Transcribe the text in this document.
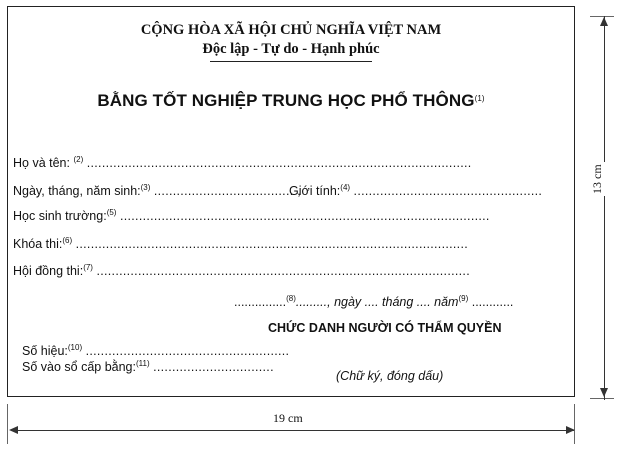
CỘNG HÒA XÃ HỘI CHỦ NGHĨA VIỆT NAM
Độc lập - Tự do - Hạnh phúc
BẰNG TỐT NGHIỆP TRUNG HỌC PHỔ THÔNG$^{(1)}$
Họ và tên: $^{(2)}$ ......................................................................................................
Ngày, tháng, năm sinh:$^{(3)}$ ..................................... ,
Giới tính:$^{(4)}$ ..................................................
Học sinh trường:$^{(5)}$ ..................................................................................................
Khóa thi:$^{(6)}$ ........................................................................................................
Hội đồng thi:$^{(7)}$ ...................................................................................................
...............$^{(8)}$........., ngày .... tháng .... năm$^{(9)}$ ............
CHỨC DANH NGƯỜI CÓ THẨM QUYỀN
Số hiệu:$^{(10)}$ ......................................................
Số vào sổ cấp bằng:$^{(11)}$ ................................
(Chữ ký, đóng dấu)
13 cm
19 cm
